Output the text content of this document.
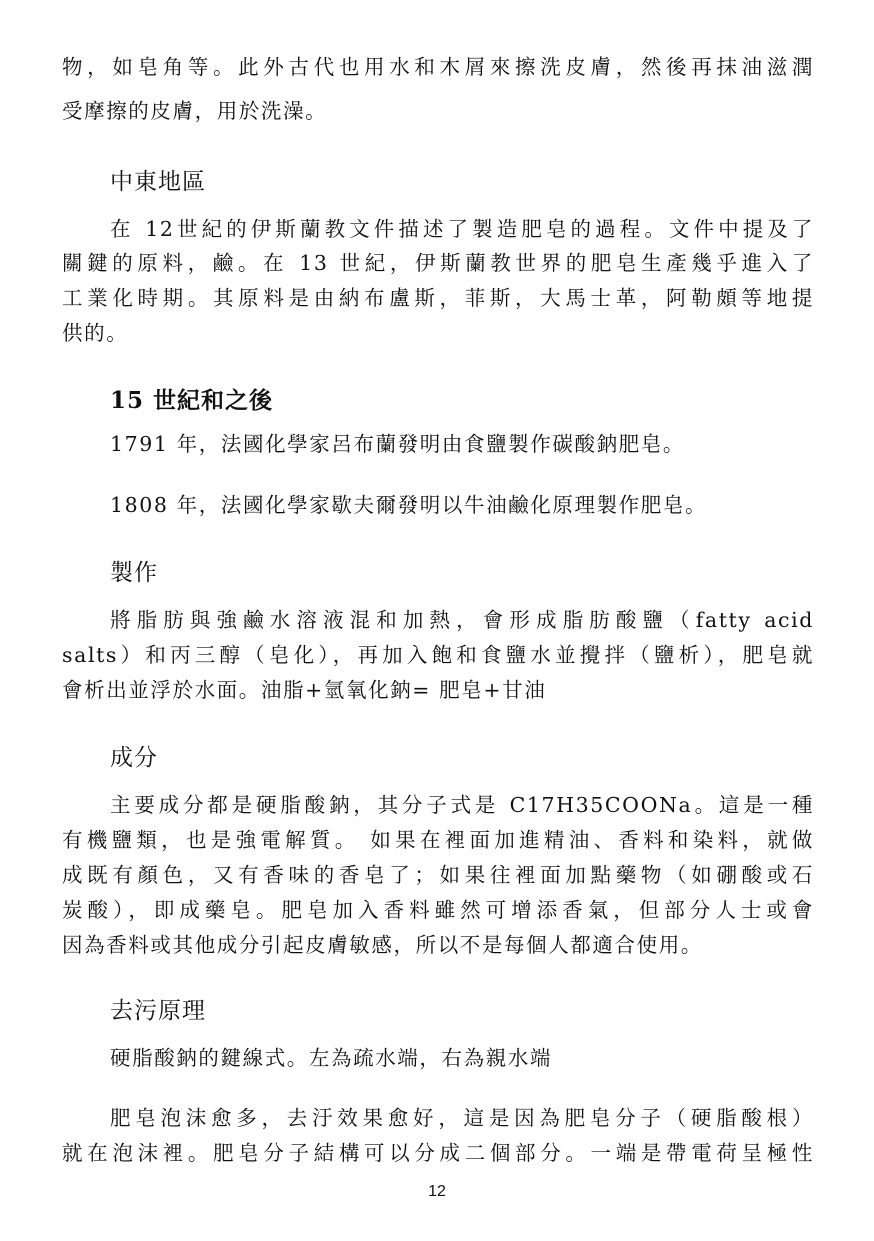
物，如皂角等。此外古代也用水和木屑來擦洗皮膚，然後再抹油滋潤
受摩擦的皮膚，用於洗澡。
中東地區
在 12世紀的伊斯蘭教文件描述了製造肥皂的過程。文件中提及了
關鍵的原料，鹼。在 13 世紀，伊斯蘭教世界的肥皂生產幾乎進入了
工業化時期。其原料是由納布盧斯，菲斯，大馬士革，阿勒頗等地提
供的。
15 世紀和之後
1791 年，法國化學家呂布蘭發明由食鹽製作碳酸鈉肥皂。
1808 年，法國化學家歇夫爾發明以牛油鹼化原理製作肥皂。
製作
將脂肪與強鹼水溶液混和加熱，會形成脂肪酸鹽（fatty acid
salts）和丙三醇（皂化），再加入飽和食鹽水並攪拌（鹽析），肥皂就
會析出並浮於水面。油脂+氫氧化鈉= 肥皂+甘油
成分
主要成分都是硬脂酸鈉，其分子式是 C17H35COONa。這是一種
有機鹽類，也是強電解質。 如果在裡面加進精油、香料和染料，就做
成既有顏色，又有香味的香皂了；如果往裡面加點藥物（如硼酸或石
炭酸），即成藥皂。肥皂加入香料雖然可增添香氣，但部分人士或會
因為香料或其他成分引起皮膚敏感，所以不是每個人都適合使用。
去污原理
硬脂酸鈉的鍵線式。左為疏水端，右為親水端
肥皂泡沫愈多，去汙效果愈好，這是因為肥皂分子（硬脂酸根）
就在泡沫裡。肥皂分子結構可以分成二個部分。一端是帶電荷呈極性
12
